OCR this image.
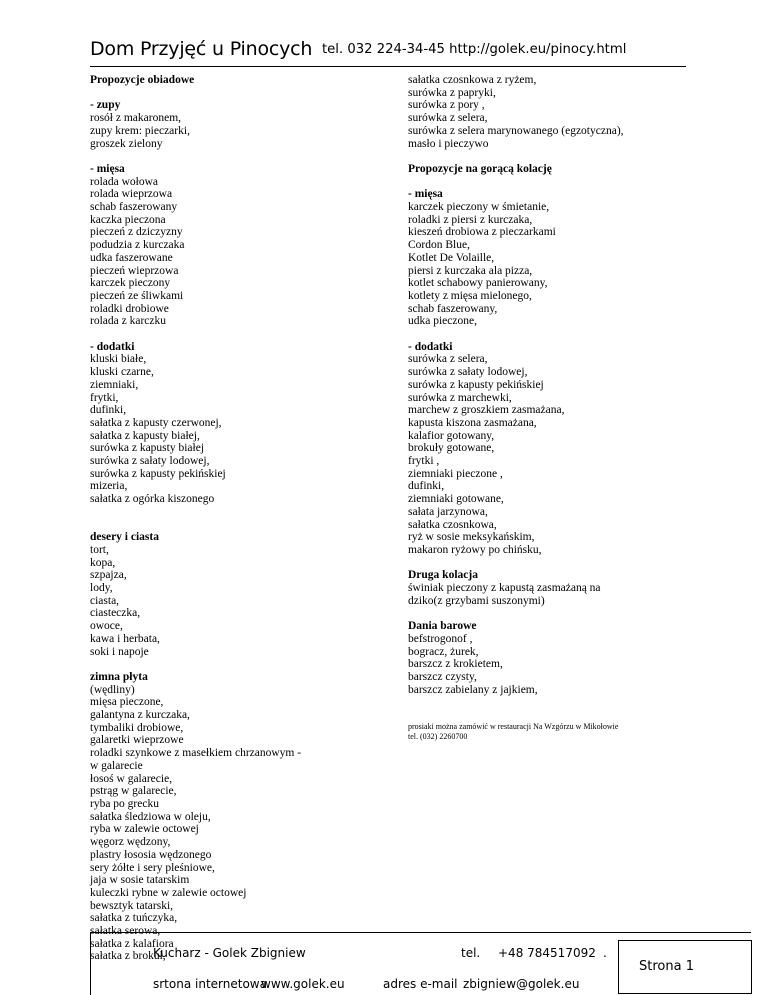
Dom Przyjęć u Pinocych tel. 032 224-34-45 http://golek.eu/pinocy.html
Propozycje obiadowe
- zupy
rosół z makaronem,
zupy krem: pieczarki,
groszek zielony
- mięsa
rolada wołowa
rolada wieprzowa
schab faszerowany
kaczka pieczona
pieczeń z dziczyzny
podudzia z kurczaka
udka faszerowane
pieczeń wieprzowa
karczek pieczony
pieczeń ze śliwkami
roladki drobiowe
rolada z karczku
- dodatki
kluski białe,
kluski czarne,
ziemniaki,
frytki,
dufinki,
sałatka z kapusty czerwonej,
sałatka z kapusty białej,
surówka z kapusty białej
surówka z sałaty lodowej,
surówka z kapusty pekińskiej
mizeria,
sałatka z ogórka kiszonego
desery i ciasta
tort,
kopa,
szpajza,
lody,
ciasta,
ciasteczka,
owoce,
kawa i herbata,
soki i napoje
zimna płyta
(wędliny)
mięsa pieczone,
galantyna z kurczaka,
tymbaliki drobiowe,
galaretki wieprzowe
roladki szynkowe z masełkiem chrzanowym -
w galarecie
łosoś w galarecie,
pstrąg w galarecie,
ryba po grecku
sałatka śledziowa w oleju,
ryba w zalewie octowej
węgorz wędzony,
plastry łososia wędzonego
sery żółte i sery pleśniowe,
jaja w sosie tatarskim
kuleczki rybne w zalewie octowej
bewsztyk tatarski,
sałatka z tuńczyka,
sałatka serowa,
sałatka z kalafiora
sałatka z brokuł,
sałatka czosnkowa z ryżem,
surówka z papryki,
surówka z pory ,
surówka z selera,
surówka z selera marynowanego (egzotyczna),
masło i pieczywo
Propozycje na gorącą kolację
- mięsa
karczek pieczony w śmietanie,
roladki z piersi z kurczaka,
kieszeń drobiowa z pieczarkami
Cordon Blue,
Kotlet De Volaille,
piersi z kurczaka ala pizza,
kotlet schabowy panierowany,
kotlety z mięsa mielonego,
schab faszerowany,
udka pieczone,
- dodatki
surówka z selera,
surówka z sałaty lodowej,
surówka z kapusty pekińskiej
surówka z marchewki,
marchew z groszkiem zasmażana,
kapusta kiszona zasmażana,
kalafior gotowany,
brokuły gotowane,
frytki ,
ziemniaki pieczone ,
dufinki,
ziemniaki gotowane,
sałata jarzynowa,
sałatka czosnkowa,
ryż w sosie meksykańskim,
makaron ryżowy po chińsku,
Druga kolacja
świniak pieczony z kapustą zasmażaną na
dziko(z grzybami suszonymi)
Dania barowe
befstrogonof ,
bogracz, żurek,
barszcz z krokietem,
barszcz czysty,
barszcz zabielany z jajkiem,
prosiaki można zamówić w restauracji Na Wzgórzu w Mikołowie
tel. (032) 2260700
Kucharz - Golek Zbigniew	tel. +48 784517092 .
srtona internetowa
www.golek.eu	adres e-mail zbigniew@golek.eu
Strona 1
